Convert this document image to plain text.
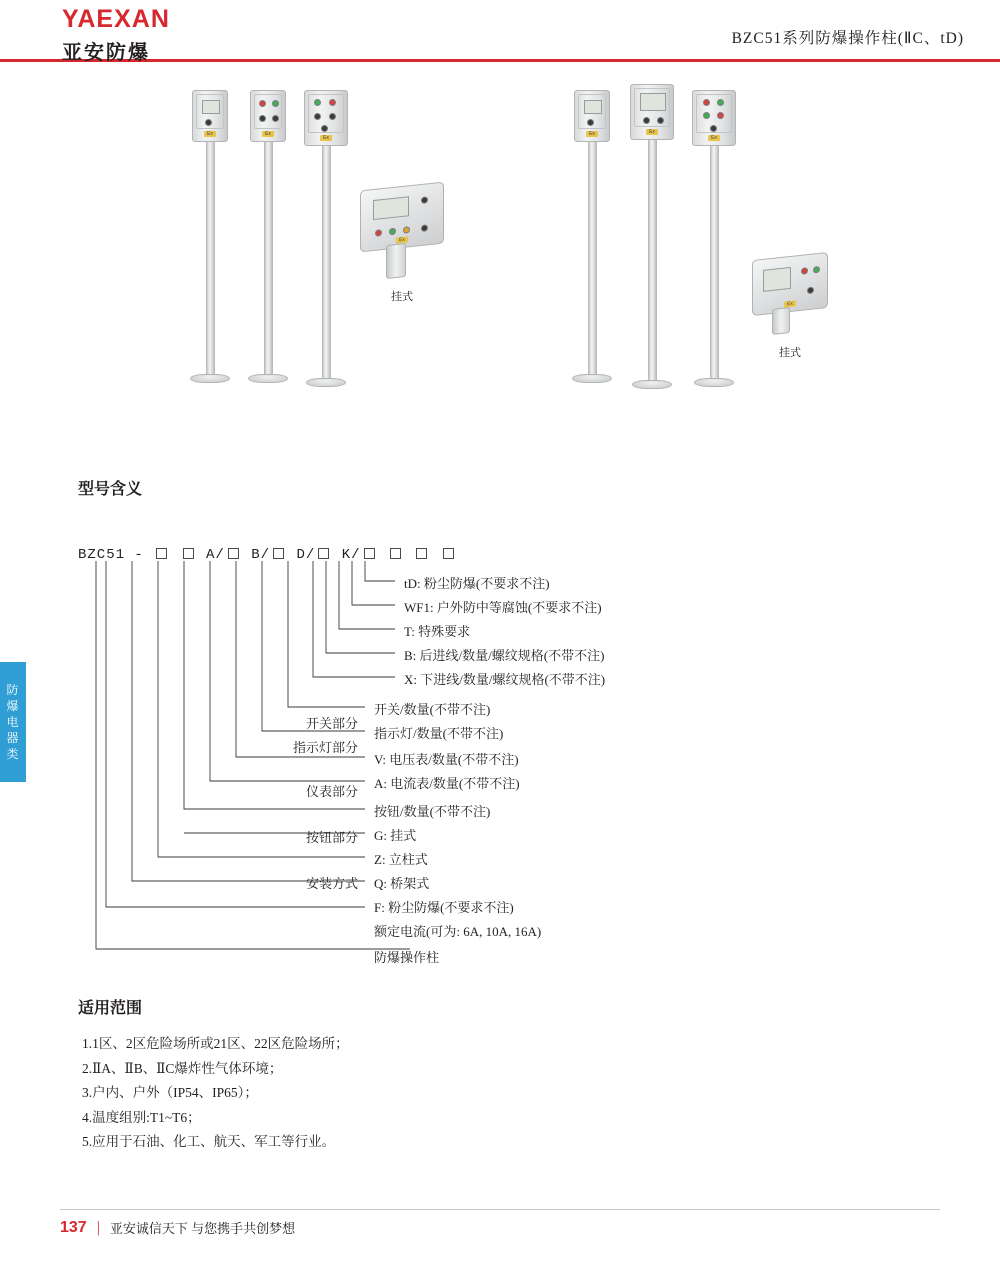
YAEXAN
亚安防爆
BZC51系列防爆操作柱(ⅡC、tD)
防爆电器类
Ex	Ex
Ex
Ex
挂式
Ex	Ex
Ex
Ex
挂式
型号含义
BZC51 -	A/ B/ D/ K/
tD: 粉尘防爆(不要求不注)
WF1: 户外防中等腐蚀(不要求不注)
T: 特殊要求
B: 后进线/数量/螺纹规格(不带不注)
X: 下进线/数量/螺纹规格(不带不注)
开关/数量(不带不注)
指示灯/数量(不带不注)
V: 电压表/数量(不带不注)
A: 电流表/数量(不带不注)
按钮/数量(不带不注)
G: 挂式
Z: 立柱式
Q: 桥架式
F: 粉尘防爆(不要求不注)
额定电流(可为: 6A, 10A, 16A)
防爆操作柱
开关部分
指示灯部分
仪表部分
按钮部分
安装方式
适用范围
1.1区、2区危险场所或21区、22区危险场所；
2.ⅡA、ⅡB、ⅡC爆炸性气体环境；
3.户内、户外（IP54、IP65）；
4.温度组别:T1~T6；
5.应用于石油、化工、航天、军工等行业。
137 | 亚安诚信天下 与您携手共创梦想
